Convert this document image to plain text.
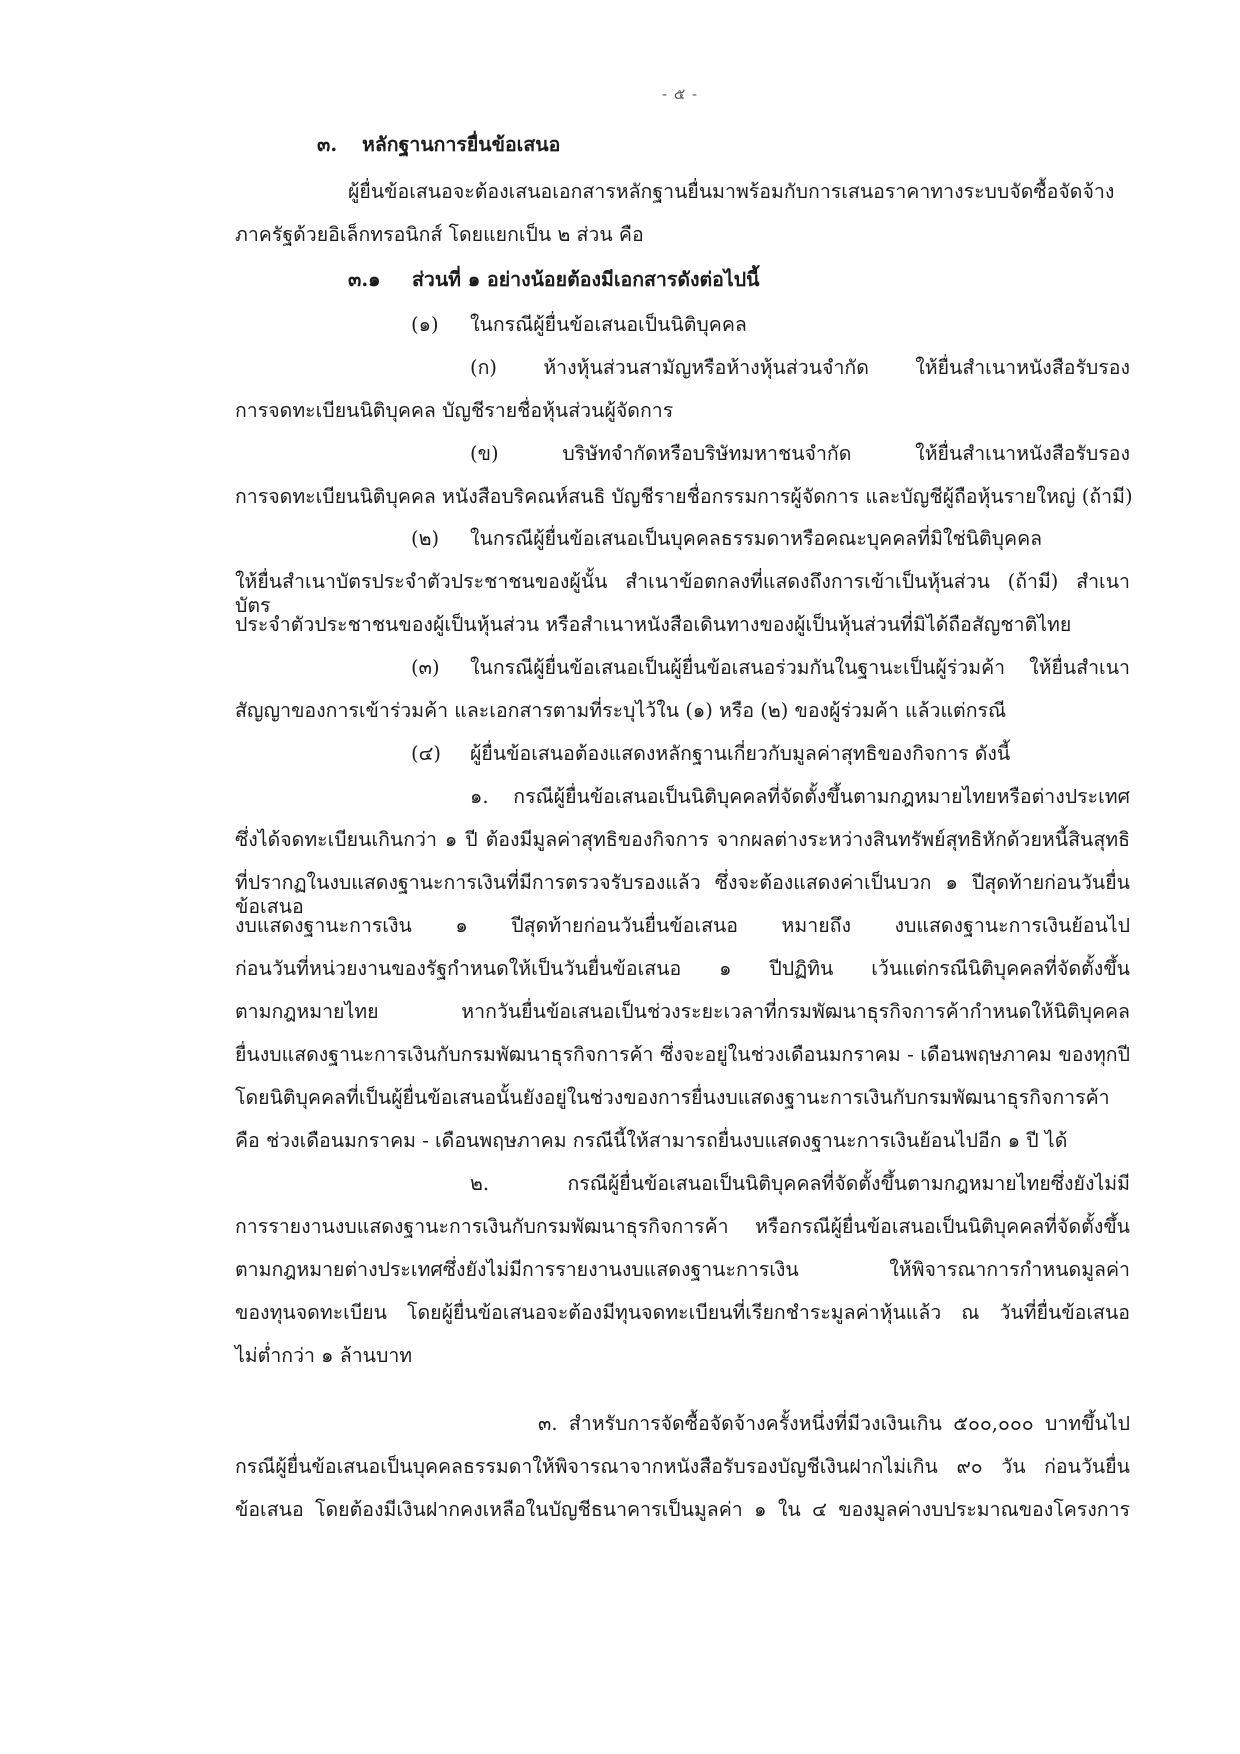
- ๕ -
๓. หลักฐานการยื่นข้อเสนอ
ผู้ยื่นข้อเสนอจะต้องเสนอเอกสารหลักฐานยื่นมาพร้อมกับการเสนอราคาทางระบบจัดซื้อจัดจ้าง
ภาครัฐด้วยอิเล็กทรอนิกส์ โดยแยกเป็น ๒ ส่วน คือ
๓.๑ ส่วนที่ ๑ อย่างน้อยต้องมีเอกสารดังต่อไปนี้
(๑) ในกรณีผู้ยื่นข้อเสนอเป็นนิติบุคคล
(ก) ห้างหุ้นส่วนสามัญหรือห้างหุ้นส่วนจำกัด ให้ยื่นสำเนาหนังสือรับรอง
การจดทะเบียนนิติบุคคล บัญชีรายชื่อหุ้นส่วนผู้จัดการ
(ข) บริษัทจำกัดหรือบริษัทมหาชนจำกัด ให้ยื่นสำเนาหนังสือรับรอง
การจดทะเบียนนิติบุคคล หนังสือบริคณห์สนธิ บัญชีรายชื่อกรรมการผู้จัดการ และบัญชีผู้ถือหุ้นรายใหญ่ (ถ้ามี)
(๒) ในกรณีผู้ยื่นข้อเสนอเป็นบุคคลธรรมดาหรือคณะบุคคลที่มิใช่นิติบุคคล
ให้ยื่นสำเนาบัตรประจำตัวประชาชนของผู้นั้น สำเนาข้อตกลงที่แสดงถึงการเข้าเป็นหุ้นส่วน (ถ้ามี) สำเนาบัตร
ประจำตัวประชาชนของผู้เป็นหุ้นส่วน หรือสำเนาหนังสือเดินทางของผู้เป็นหุ้นส่วนที่มิได้ถือสัญชาติไทย
(๓) ในกรณีผู้ยื่นข้อเสนอเป็นผู้ยื่นข้อเสนอร่วมกันในฐานะเป็นผู้ร่วมค้า ให้ยื่นสำเนา
สัญญาของการเข้าร่วมค้า และเอกสารตามที่ระบุไว้ใน (๑) หรือ (๒) ของผู้ร่วมค้า แล้วแต่กรณี
(๔) ผู้ยื่นข้อเสนอต้องแสดงหลักฐานเกี่ยวกับมูลค่าสุทธิของกิจการ ดังนี้
๑. กรณีผู้ยื่นข้อเสนอเป็นนิติบุคคลที่จัดตั้งขึ้นตามกฎหมายไทยหรือต่างประเทศ
ซึ่งได้จดทะเบียนเกินกว่า ๑ ปี ต้องมีมูลค่าสุทธิของกิจการ จากผลต่างระหว่างสินทรัพย์สุทธิหักด้วยหนี้สินสุทธิ
ที่ปรากฏในงบแสดงฐานะการเงินที่มีการตรวจรับรองแล้ว ซึ่งจะต้องแสดงค่าเป็นบวก ๑ ปีสุดท้ายก่อนวันยื่นข้อเสนอ
งบแสดงฐานะการเงิน ๑ ปีสุดท้ายก่อนวันยื่นข้อเสนอ หมายถึง งบแสดงฐานะการเงินย้อนไป
ก่อนวันที่หน่วยงานของรัฐกำหนดให้เป็นวันยื่นข้อเสนอ ๑ ปีปฏิทิน เว้นแต่กรณีนิติบุคคลที่จัดตั้งขึ้น
ตามกฎหมายไทย หากวันยื่นข้อเสนอเป็นช่วงระยะเวลาที่กรมพัฒนาธุรกิจการค้ากำหนดให้นิติบุคคล
ยื่นงบแสดงฐานะการเงินกับกรมพัฒนาธุรกิจการค้า ซึ่งจะอยู่ในช่วงเดือนมกราคม - เดือนพฤษภาคม ของทุกปี
โดยนิติบุคคลที่เป็นผู้ยื่นข้อเสนอนั้นยังอยู่ในช่วงของการยื่นงบแสดงฐานะการเงินกับกรมพัฒนาธุรกิจการค้า
คือ ช่วงเดือนมกราคม - เดือนพฤษภาคม กรณีนี้ให้สามารถยื่นงบแสดงฐานะการเงินย้อนไปอีก ๑ ปี ได้
๒. กรณีผู้ยื่นข้อเสนอเป็นนิติบุคคลที่จัดตั้งขึ้นตามกฎหมายไทยซึ่งยังไม่มี
การรายงานงบแสดงฐานะการเงินกับกรมพัฒนาธุรกิจการค้า หรือกรณีผู้ยื่นข้อเสนอเป็นนิติบุคคลที่จัดตั้งขึ้น
ตามกฎหมายต่างประเทศซึ่งยังไม่มีการรายงานงบแสดงฐานะการเงิน ให้พิจารณาการกำหนดมูลค่า
ของทุนจดทะเบียน โดยผู้ยื่นข้อเสนอจะต้องมีทุนจดทะเบียนที่เรียกชำระมูลค่าหุ้นแล้ว ณ วันที่ยื่นข้อเสนอ
ไม่ต่ำกว่า ๑ ล้านบาท
๓. สำหรับการจัดซื้อจัดจ้างครั้งหนึ่งที่มีวงเงินเกิน ๕๐๐,๐๐๐ บาทขึ้นไป
กรณีผู้ยื่นข้อเสนอเป็นบุคคลธรรมดาให้พิจารณาจากหนังสือรับรองบัญชีเงินฝากไม่เกิน ๙๐ วัน ก่อนวันยื่น
ข้อเสนอ โดยต้องมีเงินฝากคงเหลือในบัญชีธนาคารเป็นมูลค่า ๑ ใน ๔ ของมูลค่างบประมาณของโครงการ
